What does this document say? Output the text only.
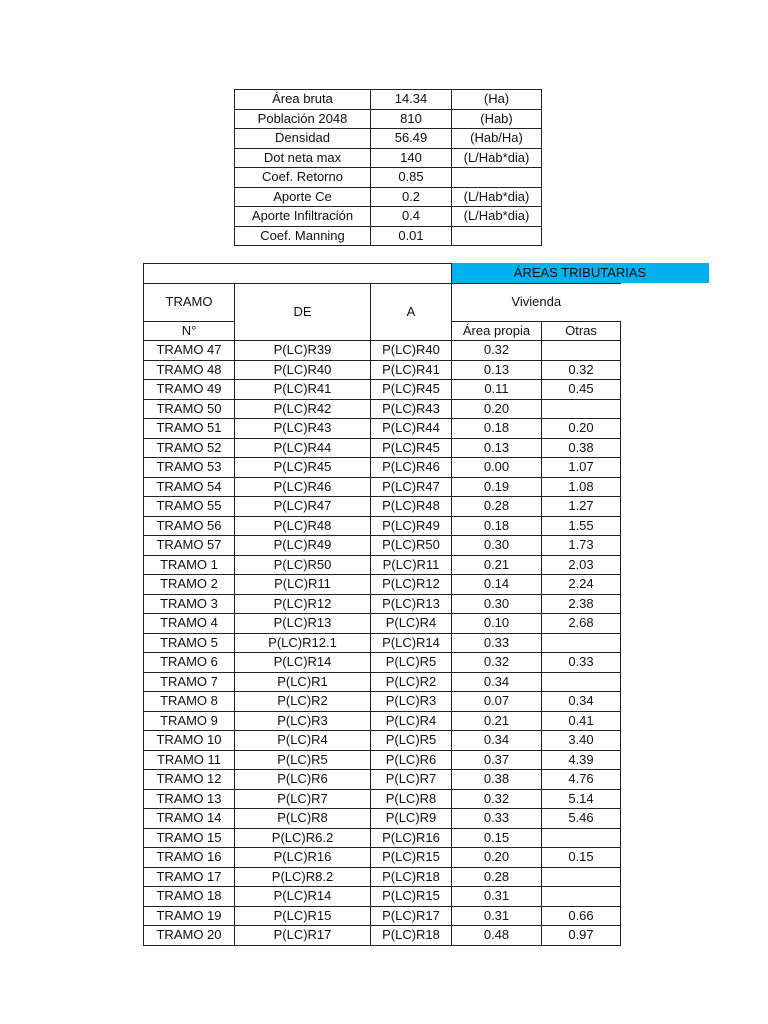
Área bruta	14.34	(Ha)
Población 2048	810	(Hab)
Densidad	56.49	(Hab/Ha)
Dot neta max	140	(L/Hab*dia)
Coef. Retorno	0.85	
Aporte Ce	0.2	(L/Hab*dia)
Aporte Infiltración	0.4	(L/Hab*dia)
Coef. Manning	0.01	
ÁREAS TRIBUTARIAS

TRAMO	DE	A	Vivienda	
N°			Área propia	Otras
TRAMO 47	P(LC)R39	P(LC)R40	0.32	
TRAMO 48	P(LC)R40	P(LC)R41	0.13	0.32
TRAMO 49	P(LC)R41	P(LC)R45	0.11	0.45
TRAMO 50	P(LC)R42	P(LC)R43	0.20	
TRAMO 51	P(LC)R43	P(LC)R44	0.18	0.20
TRAMO 52	P(LC)R44	P(LC)R45	0.13	0.38
TRAMO 53	P(LC)R45	P(LC)R46	0.00	1.07
TRAMO 54	P(LC)R46	P(LC)R47	0.19	1.08
TRAMO 55	P(LC)R47	P(LC)R48	0.28	1.27
TRAMO 56	P(LC)R48	P(LC)R49	0.18	1.55
TRAMO 57	P(LC)R49	P(LC)R50	0.30	1.73
TRAMO 1	P(LC)R50	P(LC)R11	0.21	2.03
TRAMO 2	P(LC)R11	P(LC)R12	0.14	2.24
TRAMO 3	P(LC)R12	P(LC)R13	0.30	2.38
TRAMO 4	P(LC)R13	P(LC)R4	0.10	2.68
TRAMO 5	P(LC)R12.1	P(LC)R14	0.33	
TRAMO 6	P(LC)R14	P(LC)R5	0.32	0.33
TRAMO 7	P(LC)R1	P(LC)R2	0.34	
TRAMO 8	P(LC)R2	P(LC)R3	0.07	0.34
TRAMO 9	P(LC)R3	P(LC)R4	0.21	0.41
TRAMO 10	P(LC)R4	P(LC)R5	0.34	3.40
TRAMO 11	P(LC)R5	P(LC)R6	0.37	4.39
TRAMO 12	P(LC)R6	P(LC)R7	0.38	4.76
TRAMO 13	P(LC)R7	P(LC)R8	0.32	5.14
TRAMO 14	P(LC)R8	P(LC)R9	0.33	5.46
TRAMO 15	P(LC)R6.2	P(LC)R16	0.15	
TRAMO 16	P(LC)R16	P(LC)R15	0.20	0.15
TRAMO 17	P(LC)R8.2	P(LC)R18	0.28	
TRAMO 18	P(LC)R14	P(LC)R15	0.31	
TRAMO 19	P(LC)R15	P(LC)R17	0.31	0.66
TRAMO 20	P(LC)R17	P(LC)R18	0.48	0.97
